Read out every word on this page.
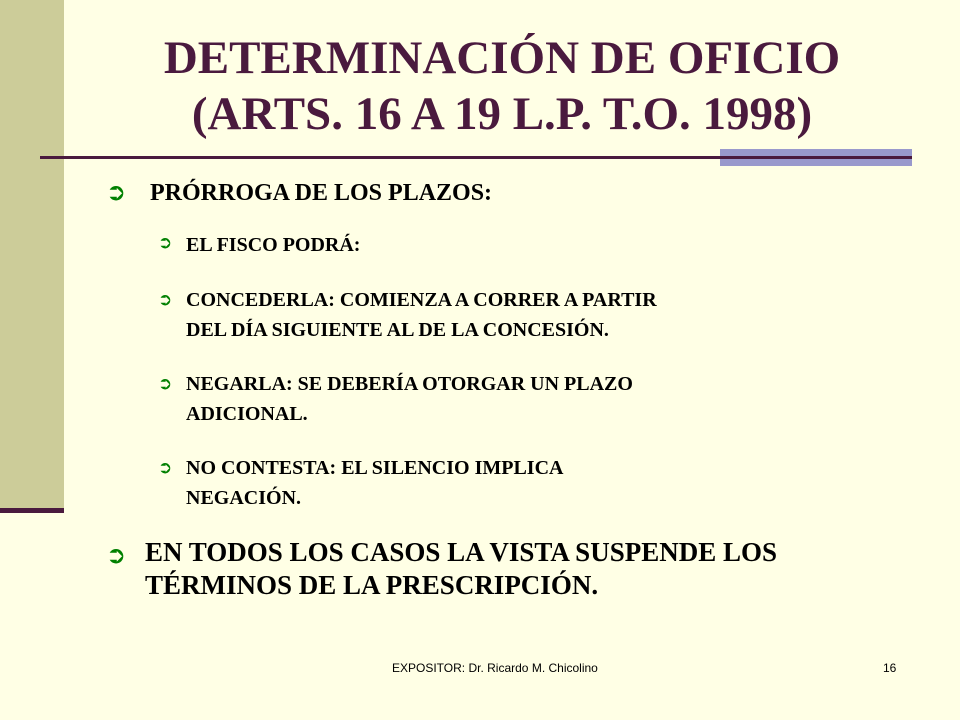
DETERMINACIÓN DE OFICIO
(ARTS. 16 A 19 L.P. T.O. 1998)
➲ PRÓRROGA DE LOS PLAZOS:
➲ EL FISCO PODRÁ:
➲ CONCEDERLA: COMIENZA A CORRER A PARTIR
DEL DÍA SIGUIENTE AL DE LA CONCESIÓN.
➲ NEGARLA: SE DEBERÍA OTORGAR UN PLAZO
ADICIONAL.
➲ NO CONTESTA: EL SILENCIO IMPLICA
NEGACIÓN.
➲ EN TODOS LOS CASOS LA VISTA SUSPENDE LOS
TÉRMINOS DE LA PRESCRIPCIÓN.
EXPOSITOR: Dr. Ricardo M. Chicolino	16
